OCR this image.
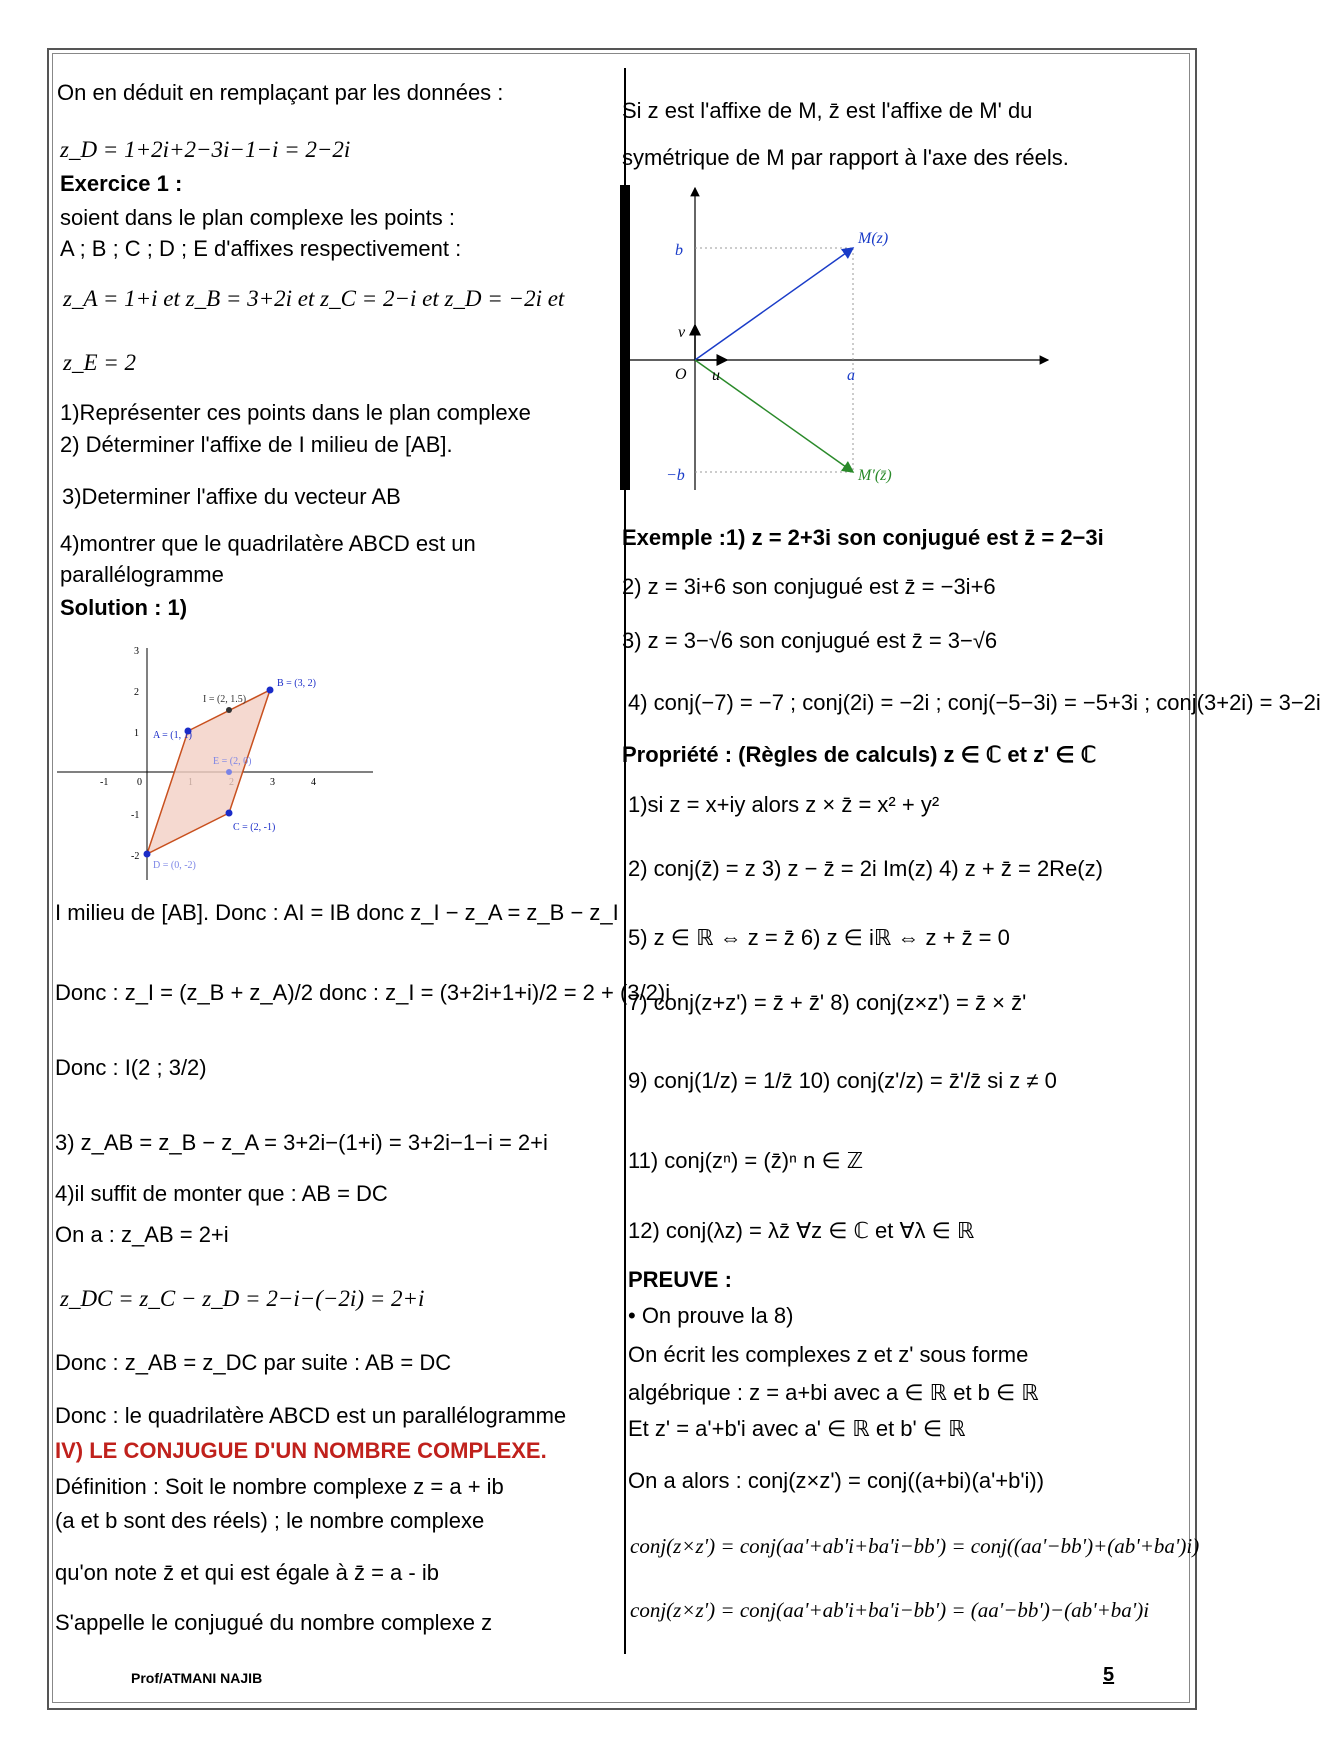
On en déduit en remplaçant par les données :
z_D = 1+2i+2−3i−1−i = 2−2i
Exercice 1 :
soient dans le plan complexe les points :
A ; B ; C ; D ; E d'affixes respectivement :
z_A = 1+i et z_B = 3+2i et z_C = 2−i et z_D = −2i et
z_E = 2
1)Représenter ces points dans le plan complexe
2) Déterminer l'affixe de I milieu de [AB].
3)Determiner l'affixe du vecteur AB
4)montrer que le quadrilatère ABCD est un
parallélogramme
Solution : 1)
-1	3	4
3
2
1
-1
-2
0
I = (2, 1.5)
B = (3, 2)
A = (1, 1)
E = (2, 0)
C = (2, -1)
D = (0, -2)
I milieu de [AB]. Donc : AI = IB donc z_I − z_A = z_B − z_I
Donc : z_I = (z_B + z_A)/2 donc : z_I = (3+2i+1+i)/2 = 2 + (3/2)i
Donc : I(2 ; 3/2)
3) z_AB = z_B − z_A = 3+2i−(1+i) = 3+2i−1−i = 2+i
4)il suffit de monter que : AB = DC
On a : z_AB = 2+i
z_DC = z_C − z_D = 2−i−(−2i) = 2+i
Donc : z_AB = z_DC par suite : AB = DC
Donc : le quadrilatère ABCD est un parallélogramme
IV) LE CONJUGUE D'UN NOMBRE COMPLEXE.
Définition : Soit le nombre complexe z = a + ib
(a et b sont des réels) ; le nombre complexe
qu'on note z̄ et qui est égale à z̄ = a - ib
S'appelle le conjugué du nombre complexe z
Si z est l'affixe de M, z̄ est l'affixe de M' du
symétrique de M par rapport à l'axe des réels.
b
−b
a
O u
v
M(z)
M′(z̄)
Exemple :1) z = 2+3i son conjugué est z̄ = 2−3i
2) z = 3i+6 son conjugué est z̄ = −3i+6
3) z = 3−√6 son conjugué est z̄ = 3−√6
4) conj(−7) = −7 ; conj(2i) = −2i ; conj(−5−3i) = −5+3i ; conj(3+2i) = 3−2i
Propriété : (Règles de calculs) z ∈ ℂ et z' ∈ ℂ
1)si z = x+iy alors z × z̄ = x² + y²
2) conj(z̄) = z 3) z − z̄ = 2i Im(z) 4) z + z̄ = 2Re(z)
5) z ∈ ℝ ⇔ z = z̄ 6) z ∈ iℝ ⇔ z + z̄ = 0
7) conj(z+z') = z̄ + z̄' 8) conj(z×z') = z̄ × z̄'
9) conj(1/z) = 1/z̄ 10) conj(z'/z) = z̄'/z̄ si z ≠ 0
11) conj(zⁿ) = (z̄)ⁿ n ∈ ℤ
12) conj(λz) = λz̄ ∀z ∈ ℂ et ∀λ ∈ ℝ
PREUVE :
• On prouve la 8)
On écrit les complexes z et z' sous forme
algébrique : z = a+bi avec a ∈ ℝ et b ∈ ℝ
Et z' = a'+b'i avec a' ∈ ℝ et b' ∈ ℝ
On a alors : conj(z×z') = conj((a+bi)(a'+b'i))
conj(z×z') = conj(aa'+ab'i+ba'i−bb') = conj((aa'−bb')+(ab'+ba')i)
conj(z×z') = conj(aa'+ab'i+ba'i−bb') = (aa'−bb')−(ab'+ba')i
Prof/ATMANI NAJIB	5
